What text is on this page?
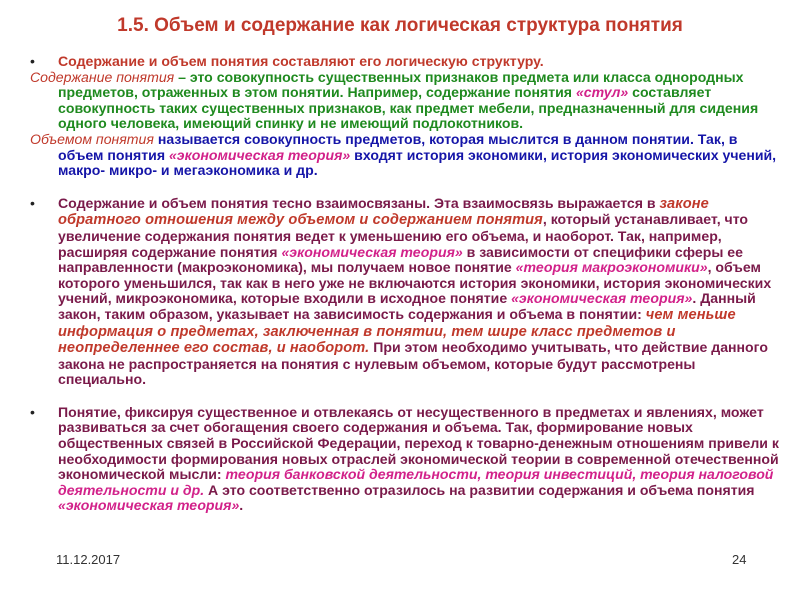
1.5. Объем и содержание как логическая структура понятия

• Содержание и объем понятия составляют его логическую структуру.

Содержание понятия – это совокупность существенных признаков предмета или класса однородных предметов, отраженных в этом понятии. Например, содержание понятия «стул» составляет совокупность таких существенных признаков, как предмет мебели, предназначенный для сидения одного человека, имеющий спинку и не имеющий подлокотников.

Объемом понятия называется совокупность предметов, которая мыслится в данном понятии. Так, в объем понятия «экономическая теория» входят история экономики, история экономических учений, макро- микро- и мегаэкономика и др.

• Содержание и объем понятия тесно взаимосвязаны. Эта взаимосвязь выражается в законе обратного отношения между объемом и содержанием понятия, который устанавливает, что увеличение содержания понятия ведет к уменьшению его объема, и наоборот. Так, например, расширяя содержание понятия «экономическая теория» в зависимости от специфики сферы ее направленности (макроэкономика), мы получаем новое понятие «теория макроэкономики», объем которого уменьшился, так как в него уже не включаются история экономики, история экономических учений, микроэкономика, которые входили в исходное понятие «экономическая теория». Данный закон, таким образом, указывает на зависимость содержания и объема в понятии: чем меньше информация о предметах, заключенная в понятии, тем шире класс предметов и неопределеннее его состав, и наоборот. При этом необходимо учитывать, что действие данного закона не распространяется на понятия с нулевым объемом, которые будут рассмотрены специально.

• Понятие, фиксируя существенное и отвлекаясь от несущественного в предметах и явлениях, может развиваться за счет обогащения своего содержания и объема. Так, формирование новых общественных связей в Российской Федерации, переход к товарно-денежным отношениям привели к необходимости формирования новых отраслей экономической теории в современной отечественной экономической мысли: теория банковской деятельности, теория инвестиций, теория налоговой деятельности и др. А это соответственно отразилось на развитии содержания и объема понятия «экономическая теория».

11.12.2017	24
